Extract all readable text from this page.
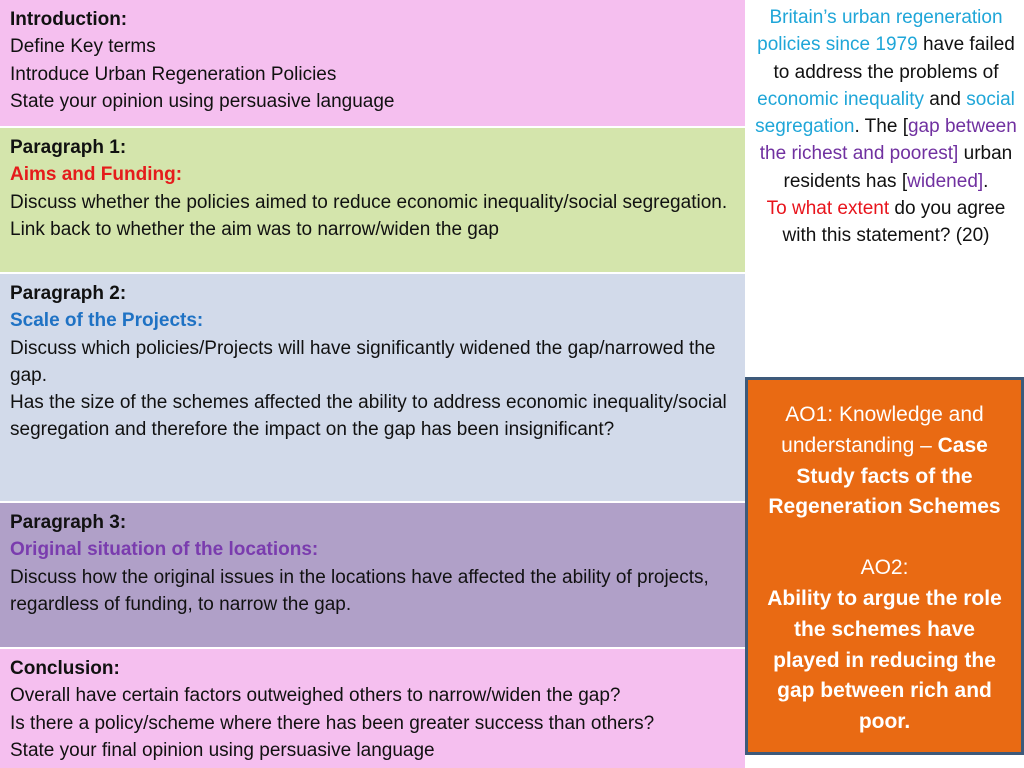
Introduction:

Define Key terms

Introduce Urban Regeneration Policies

State your opinion using persuasive language

Paragraph 1:

Aims and Funding:

Discuss whether the policies aimed to reduce economic inequality/social segregation.

Link back to whether the aim was to narrow/widen the gap

Paragraph 2:

Scale of the Projects:

Discuss which policies/Projects will have significantly widened the gap/narrowed the gap.

Has the size of the schemes affected the ability to address economic inequality/social segregation and therefore the impact on the gap has been insignificant?

Paragraph 3:

Original situation of the locations:

Discuss how the original issues in the locations have affected the ability of projects, regardless of funding, to narrow the gap.

Conclusion:

Overall have certain factors outweighed others to narrow/widen the gap?

Is there a policy/scheme where there has been greater success than others?

State your final opinion using persuasive language

Britain’s urban regeneration policies since 1979 have failed to address the problems of economic inequality and social segregation. The [gap between the richest and poorest] urban residents has [widened].
To what extent do you agree with this statement? (20)

AO1: Knowledge and understanding – Case Study facts of the Regeneration Schemes

AO2:

Ability to argue the role the schemes have played in reducing the gap between rich and poor.
